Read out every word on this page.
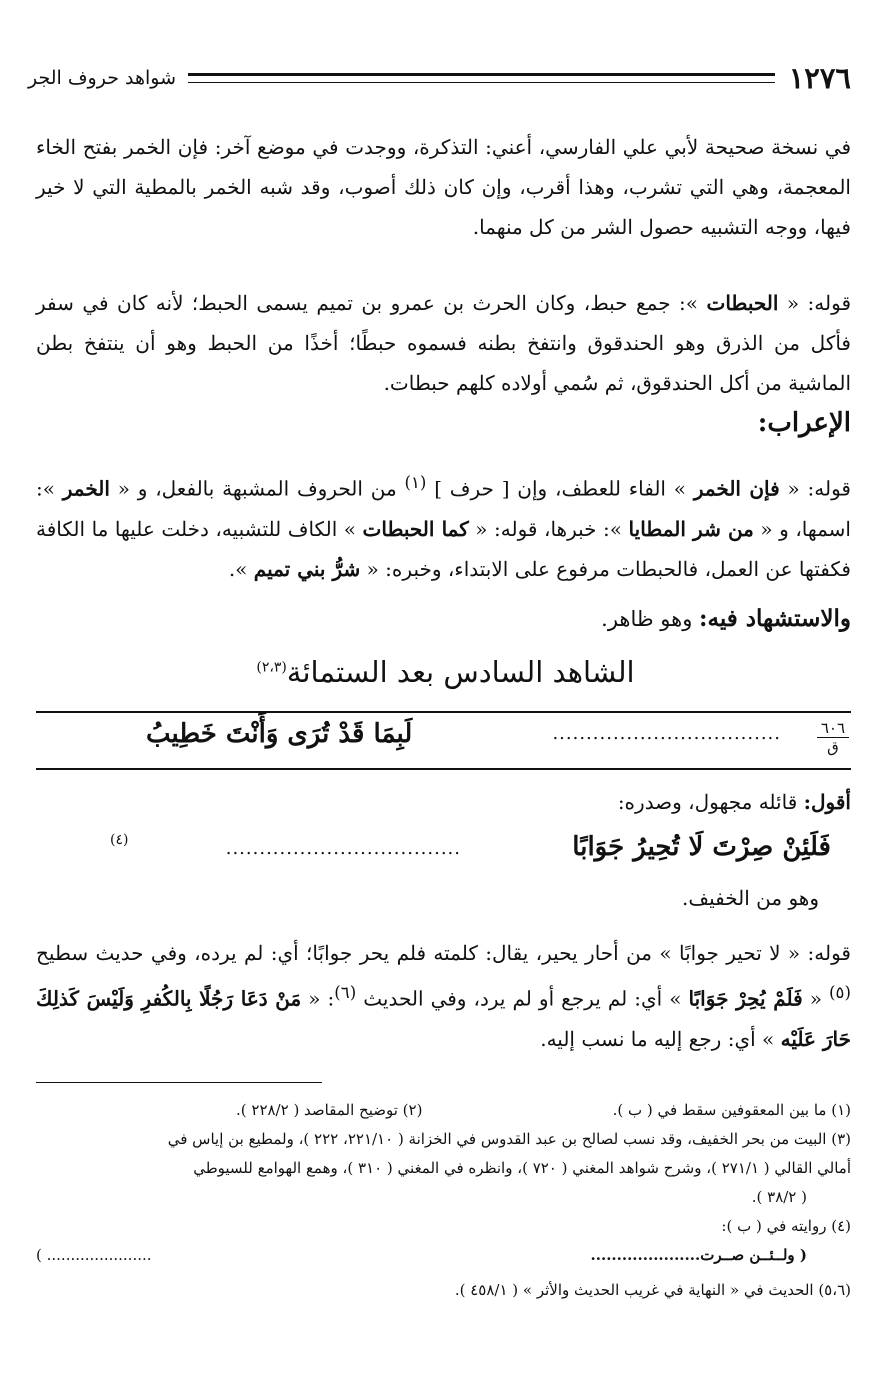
١٢٧٦
شواهد حروف الجر
في نسخة صحيحة لأبي علي الفارسي، أعني: التذكرة، ووجدت في موضع آخر: فإن الخمر بفتح الخاء المعجمة، وهي التي تشرب، وهذا أقرب، وإن كان ذلك أصوب، وقد شبه الخمر بالمطية التي لا خير فيها، ووجه التشبيه حصول الشر من كل منهما.
قوله: « الحبطات »: جمع حبط، وكان الحرث بن عمرو بن تميم يسمى الحبط؛ لأنه كان في سفر فأكل من الذرق وهو الحندقوق وانتفخ بطنه فسموه حبطًا؛ أخذًا من الحبط وهو أن ينتفخ بطن الماشية من أكل الحندقوق، ثم سُمي أولاده كلهم حبطات.
الإعراب:
قوله: « فإن الخمر » الفاء للعطف، وإن [ حرف ] $^{(١)}$ من الحروف المشبهة بالفعل، و « الخمر »: اسمها، و « من شر المطايا »: خبرها، قوله: « كما الحبطات » الكاف للتشبيه، دخلت عليها ما الكافة فكفتها عن العمل، فالحبطات مرفوع على الابتداء، وخبره: « شرُّ بني تميم ».
والاستشهاد فيه: وهو ظاهر.
الشاهد السادس بعد الستمائة$^{(٢،٣)}$
٦٠٦
ق
..................................
لَبِمَا قَدْ تُرَى وَأَنْتَ خَطِيبُ
أقول: قائله مجهول، وصدره:
فَلَئِنْ صِرْتَ لَا تُحِيرُ جَوَابًا
...................................
(٤)
وهو من الخفيف.
قوله: « لا تحير جوابًا » من أحار يحير، يقال: كلمته فلم يحر جوابًا؛ أي: لم يرده، وفي حديث سطيح $^{(٥)}$ « فَلَمْ يُحِرْ جَوَابًا » أي: لم يرجع أو لم يرد، وفي الحديث $^{(٦)}$: « مَنْ دَعَا رَجُلًا بِالكُفرِ وَلَيْسَ كَذلِكَ حَارَ عَلَيْه » أي: رجع إليه ما نسب إليه.
(١) ما بين المعقوفين سقط في ( ب ).
(٢) توضيح المقاصد ( ٢٢٨/٢ ).
(٣) البيت من بحر الخفيف، وقد نسب لصالح بن عبد القدوس في الخزانة ( ٢٢١/١٠، ٢٢٢ )، ولمطيع بن إياس في
أمالي القالي ( ٢٧١/١ )، وشرح شواهد المغني ( ٧٢٠ )، وانظره في المغني ( ٣١٠ )، وهمع الهوامع للسيوطي
( ٣٨/٢ ).
(٤) روايته في ( ب ):
( ولــئــن صــرت.....................
...................... )
(٥،٦) الحديث في « النهاية في غريب الحديث والأثر » ( ٤٥٨/١ ).
